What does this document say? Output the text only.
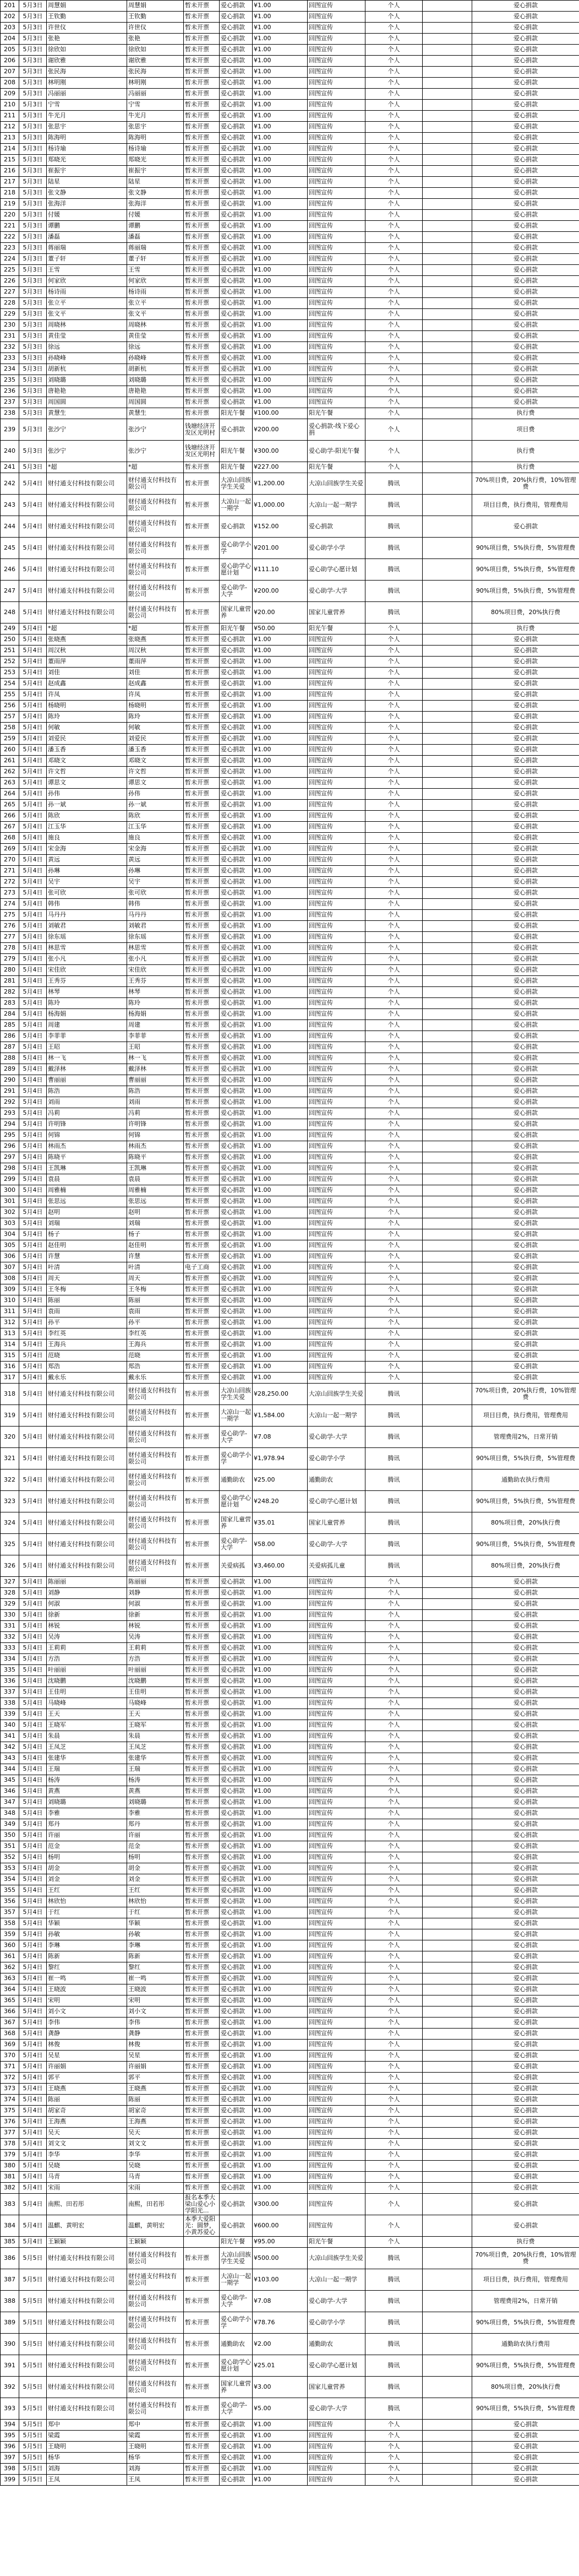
201	5月3日	周慧娟	周慧娟	暂未开票	爱心捐款	¥1.00	回图宣传	个人		爱心捐款
202	5月3日	王钦勤	王钦勤	暂未开票	爱心捐款	¥1.00	回图宣传	个人		爱心捐款
203	5月3日	许世仪	许世仪	暂未开票	爱心捐款	¥1.00	回图宣传	个人		爱心捐款
204	5月3日	张艳	张艳	暂未开票	爱心捐款	¥1.00	回图宣传	个人		爱心捐款
205	5月3日	徐欣如	徐欣如	暂未开票	爱心捐款	¥1.00	回图宣传	个人		爱心捐款
206	5月3日	谢欣雅	谢欣雅	暂未开票	爱心捐款	¥1.00	回图宣传	个人		爱心捐款
207	5月3日	张民海	张民海	暂未开票	爱心捐款	¥1.00	回图宣传	个人		爱心捐款
208	5月3日	林明刚	林明刚	暂未开票	爱心捐款	¥1.00	回图宣传	个人		爱心捐款
209	5月3日	冯丽丽	冯丽丽	暂未开票	爱心捐款	¥1.00	回图宣传	个人		爱心捐款
210	5月3日	宁雪	宁雪	暂未开票	爱心捐款	¥1.00	回图宣传	个人		爱心捐款
211	5月3日	牛光月	牛光月	暂未开票	爱心捐款	¥1.00	回图宣传	个人		爱心捐款
212	5月3日	张思宇	张思宇	暂未开票	爱心捐款	¥1.00	回图宣传	个人		爱心捐款
213	5月3日	陈海明	陈海明	暂未开票	爱心捐款	¥1.00	回图宣传	个人		爱心捐款
214	5月3日	杨诗瑜	杨诗瑜	暂未开票	爱心捐款	¥1.00	回图宣传	个人		爱心捐款
215	5月3日	郑晓光	郑晓光	暂未开票	爱心捐款	¥1.00	回图宣传	个人		爱心捐款
216	5月3日	崔振宇	崔振宇	暂未开票	爱心捐款	¥1.00	回图宣传	个人		爱心捐款
217	5月3日	陆星	陆星	暂未开票	爱心捐款	¥1.00	回图宣传	个人		爱心捐款
218	5月3日	张文静	张文静	暂未开票	爱心捐款	¥1.00	回图宣传	个人		爱心捐款
219	5月3日	张海洋	张海洋	暂未开票	爱心捐款	¥1.00	回图宣传	个人		爱心捐款
220	5月3日	付媛	付媛	暂未开票	爱心捐款	¥1.00	回图宣传	个人		爱心捐款
221	5月3日	谭鹏	谭鹏	暂未开票	爱心捐款	¥1.00	回图宣传	个人		爱心捐款
222	5月3日	潘磊	潘磊	暂未开票	爱心捐款	¥1.00	回图宣传	个人		爱心捐款
223	5月3日	蒋丽瑞	蒋丽瑞	暂未开票	爱心捐款	¥1.00	回图宣传	个人		爱心捐款
224	5月3日	董子轩	董子轩	暂未开票	爱心捐款	¥1.00	回图宣传	个人		爱心捐款
225	5月3日	王雪	王雪	暂未开票	爱心捐款	¥1.00	回图宣传	个人		爱心捐款
226	5月3日	何家欣	何家欣	暂未开票	爱心捐款	¥1.00	回图宣传	个人		爱心捐款
227	5月3日	杨诗雨	杨诗雨	暂未开票	爱心捐款	¥1.00	回图宣传	个人		爱心捐款
228	5月3日	张立平	张立平	暂未开票	爱心捐款	¥1.00	回图宣传	个人		爱心捐款
229	5月3日	张文平	张文平	暂未开票	爱心捐款	¥1.00	回图宣传	个人		爱心捐款
230	5月3日	周晓林	周晓林	暂未开票	爱心捐款	¥1.00	回图宣传	个人		爱心捐款
231	5月3日	黄佳莹	黄佳莹	暂未开票	爱心捐款	¥1.00	回图宣传	个人		爱心捐款
232	5月3日	徐远	徐远	暂未开票	爱心捐款	¥1.00	回图宣传	个人		爱心捐款
233	5月3日	孙晓峰	孙晓峰	暂未开票	爱心捐款	¥1.00	回图宣传	个人		爱心捐款
234	5月3日	胡新杭	胡新杭	暂未开票	爱心捐款	¥1.00	回图宣传	个人		爱心捐款
235	5月3日	刘晓璐	刘晓璐	暂未开票	爱心捐款	¥1.00	回图宣传	个人		爱心捐款
236	5月3日	唐艳艳	唐艳艳	暂未开票	爱心捐款	¥1.00	回图宣传	个人		爱心捐款
237	5月3日	周国圆	周国圆	暂未开票	爱心捐款	¥1.00	回图宣传	个人		爱心捐款
238	5月3日	黄慧生	黄慧生	暂未开票	阳光午餐	¥100.00	阳光午餐	个人		执行费
239	5月3日	张沙宁	张沙宁	钱塘经济开发区光明村	爱心捐款	¥200.00	爱心捐款-线下爱心捐	个人		项目费
240	5月3日	张沙宁	张沙宁	钱塘经济开发区光明村	阳光午餐	¥300.00	爱心助学-阳光午餐	个人		执行费
241	5月3日	*超	*超	暂未开票	阳光午餐	¥227.00	阳光午餐	个人		执行费
242	5月4日	财付通支付科技有限公司	财付通支付科技有限公司	暂未开票	大凉山回族学生关爱	¥1,200.00	大凉山回族学生关爱	腾讯		70%项目费，20%执行费，10%管理费
243	5月4日	财付通支付科技有限公司	财付通支付科技有限公司	暂未开票	大凉山一起一期学	¥1,000.00	大凉山一起一期学	腾讯		项目目费，执行费用，管理费用
244	5月4日	财付通支付科技有限公司	财付通支付科技有限公司	暂未开票	爱心捐款	¥152.00	爱心捐款	腾讯		爱心捐款
245	5月4日	财付通支付科技有限公司	财付通支付科技有限公司	暂未开票	爱心助学小学	¥201.00	爱心助学小学	腾讯		90%项目费，5%执行费，5%管理费
246	5月4日	财付通支付科技有限公司	财付通支付科技有限公司	暂未开票	爱心助学心愿计划	¥111.10	爱心助学心愿计划	腾讯		90%项目费，5%执行费，5%管理费
247	5月4日	财付通支付科技有限公司	财付通支付科技有限公司	暂未开票	爱心助学-大学	¥200.00	爱心助学-大学	腾讯		90%项目费，5%执行费，5%管理费
248	5月4日	财付通支付科技有限公司	财付通支付科技有限公司	暂未开票	国家儿童营养	¥20.00	国家儿童营养	腾讯		80%项目费，20%执行费
249	5月4日	*超	*超	暂未开票	阳光午餐	¥50.00	阳光午餐	个人		执行费
250	5月4日	张晓燕	张晓燕	暂未开票	爱心捐款	¥1.00	回图宣传	个人		爱心捐款
251	5月4日	周汉秋	周汉秋	暂未开票	爱心捐款	¥1.00	回图宣传	个人		爱心捐款
252	5月4日	董雨萍	董雨萍	暂未开票	爱心捐款	¥1.00	回图宣传	个人		爱心捐款
253	5月4日	刘佳	刘佳	暂未开票	爱心捐款	¥1.00	回图宣传	个人		爱心捐款
254	5月4日	赵成鑫	赵成鑫	暂未开票	爱心捐款	¥1.00	回图宣传	个人		爱心捐款
255	5月4日	许凤	许凤	暂未开票	爱心捐款	¥1.00	回图宣传	个人		爱心捐款
256	5月4日	杨晓明	杨晓明	暂未开票	爱心捐款	¥1.00	回图宣传	个人		爱心捐款
257	5月4日	陈玲	陈玲	暂未开票	爱心捐款	¥1.00	回图宣传	个人		爱心捐款
258	5月4日	何敏	何敏	暂未开票	爱心捐款	¥1.00	回图宣传	个人		爱心捐款
259	5月4日	刘爱民	刘爱民	暂未开票	爱心捐款	¥1.00	回图宣传	个人		爱心捐款
260	5月4日	潘玉香	潘玉香	暂未开票	爱心捐款	¥1.00	回图宣传	个人		爱心捐款
261	5月4日	邓晓文	邓晓文	暂未开票	爱心捐款	¥1.00	回图宣传	个人		爱心捐款
262	5月4日	许文哲	许文哲	暂未开票	爱心捐款	¥1.00	回图宣传	个人		爱心捐款
263	5月4日	谭思文	谭思文	暂未开票	爱心捐款	¥1.00	回图宣传	个人		爱心捐款
264	5月4日	孙伟	孙伟	暂未开票	爱心捐款	¥1.00	回图宣传	个人		爱心捐款
265	5月4日	孙一斌	孙一斌	暂未开票	爱心捐款	¥1.00	回图宣传	个人		爱心捐款
266	5月4日	陈欣	陈欣	暂未开票	爱心捐款	¥1.00	回图宣传	个人		爱心捐款
267	5月4日	江玉华	江玉华	暂未开票	爱心捐款	¥1.00	回图宣传	个人		爱心捐款
268	5月4日	施良	施良	暂未开票	爱心捐款	¥1.00	回图宣传	个人		爱心捐款
269	5月4日	宋金海	宋金海	暂未开票	爱心捐款	¥1.00	回图宣传	个人		爱心捐款
270	5月4日	黄远	黄远	暂未开票	爱心捐款	¥1.00	回图宣传	个人		爱心捐款
271	5月4日	孙琳	孙琳	暂未开票	爱心捐款	¥1.00	回图宣传	个人		爱心捐款
272	5月4日	吴宇	吴宇	暂未开票	爱心捐款	¥1.00	回图宣传	个人		爱心捐款
273	5月4日	张可欣	张可欣	暂未开票	爱心捐款	¥1.00	回图宣传	个人		爱心捐款
274	5月4日	韩伟	韩伟	暂未开票	爱心捐款	¥1.00	回图宣传	个人		爱心捐款
275	5月4日	马丹丹	马丹丹	暂未开票	爱心捐款	¥1.00	回图宣传	个人		爱心捐款
276	5月4日	刘敏君	刘敏君	暂未开票	爱心捐款	¥1.00	回图宣传	个人		爱心捐款
277	5月4日	徐东瑶	徐东瑶	暂未开票	爱心捐款	¥1.00	回图宣传	个人		爱心捐款
278	5月4日	林思雪	林思雪	暂未开票	爱心捐款	¥1.00	回图宣传	个人		爱心捐款
279	5月4日	张小凡	张小凡	暂未开票	爱心捐款	¥1.00	回图宣传	个人		爱心捐款
280	5月4日	宋佳欣	宋佳欣	暂未开票	爱心捐款	¥1.00	回图宣传	个人		爱心捐款
281	5月4日	王秀芬	王秀芬	暂未开票	爱心捐款	¥1.00	回图宣传	个人		爱心捐款
282	5月4日	林琴	林琴	暂未开票	爱心捐款	¥1.00	回图宣传	个人		爱心捐款
283	5月4日	陈玲	陈玲	暂未开票	爱心捐款	¥1.00	回图宣传	个人		爱心捐款
284	5月4日	杨海娟	杨海娟	暂未开票	爱心捐款	¥1.00	回图宣传	个人		爱心捐款
285	5月4日	周建	周建	暂未开票	爱心捐款	¥1.00	回图宣传	个人		爱心捐款
286	5月4日	李菲菲	李菲菲	暂未开票	爱心捐款	¥1.00	回图宣传	个人		爱心捐款
287	5月4日	王昭	王昭	暂未开票	爱心捐款	¥1.00	回图宣传	个人		爱心捐款
288	5月4日	林一飞	林一飞	暂未开票	爱心捐款	¥1.00	回图宣传	个人		爱心捐款
289	5月4日	戴泽林	戴泽林	暂未开票	爱心捐款	¥1.00	回图宣传	个人		爱心捐款
290	5月4日	曹丽丽	曹丽丽	暂未开票	爱心捐款	¥1.00	回图宣传	个人		爱心捐款
291	5月4日	陈浩	陈浩	暂未开票	爱心捐款	¥1.00	回图宣传	个人		爱心捐款
292	5月4日	刘雨	刘雨	暂未开票	爱心捐款	¥1.00	回图宣传	个人		爱心捐款
293	5月4日	冯莉	冯莉	暂未开票	爱心捐款	¥1.00	回图宣传	个人		爱心捐款
294	5月4日	许明锋	许明锋	暂未开票	爱心捐款	¥1.00	回图宣传	个人		爱心捐款
295	5月4日	何锦	何锦	暂未开票	爱心捐款	¥1.00	回图宣传	个人		爱心捐款
296	5月4日	林雨杰	林雨杰	暂未开票	爱心捐款	¥1.00	回图宣传	个人		爱心捐款
297	5月4日	陈晓平	陈晓平	暂未开票	爱心捐款	¥1.00	回图宣传	个人		爱心捐款
298	5月4日	王凯琳	王凯琳	暂未开票	爱心捐款	¥1.00	回图宣传	个人		爱心捐款
299	5月4日	袁晨	袁晨	暂未开票	爱心捐款	¥1.00	回图宣传	个人		爱心捐款
300	5月4日	周雅楠	周雅楠	暂未开票	爱心捐款	¥1.00	回图宣传	个人		爱心捐款
301	5月4日	张思远	张思远	暂未开票	爱心捐款	¥1.00	回图宣传	个人		爱心捐款
302	5月4日	赵明	赵明	暂未开票	爱心捐款	¥1.00	回图宣传	个人		爱心捐款
303	5月4日	刘瑞	刘瑞	暂未开票	爱心捐款	¥1.00	回图宣传	个人		爱心捐款
304	5月4日	杨子	杨子	暂未开票	爱心捐款	¥1.00	回图宣传	个人		爱心捐款
305	5月4日	赵佳明	赵佳明	暂未开票	爱心捐款	¥1.00	回图宣传	个人		爱心捐款
306	5月4日	许慧	许慧	暂未开票	爱心捐款	¥1.00	回图宣传	个人		爱心捐款
307	5月4日	叶清	叶清	电子工商	爱心捐款	¥1.00	回图宣传	个人		爱心捐款
308	5月4日	周天	周天	暂未开票	爱心捐款	¥1.00	回图宣传	个人		爱心捐款
309	5月4日	王冬梅	王冬梅	暂未开票	爱心捐款	¥1.00	回图宣传	个人		爱心捐款
310	5月4日	陈丽	陈丽	暂未开票	爱心捐款	¥1.00	回图宣传	个人		爱心捐款
311	5月4日	袁雨	袁雨	暂未开票	爱心捐款	¥1.00	回图宣传	个人		爱心捐款
312	5月4日	孙平	孙平	暂未开票	爱心捐款	¥1.00	回图宣传	个人		爱心捐款
313	5月4日	李红英	李红英	暂未开票	爱心捐款	¥1.00	回图宣传	个人		爱心捐款
314	5月4日	王海兵	王海兵	暂未开票	爱心捐款	¥1.00	回图宣传	个人		爱心捐款
315	5月4日	范晓	范晓	暂未开票	爱心捐款	¥1.00	回图宣传	个人		爱心捐款
316	5月4日	郑浩	郑浩	暂未开票	爱心捐款	¥1.00	回图宣传	个人		爱心捐款
317	5月4日	戴永乐	戴永乐	暂未开票	爱心捐款	¥1.00	回图宣传	个人		爱心捐款
318	5月4日	财付通支付科技有限公司	财付通支付科技有限公司	暂未开票	大凉山回族学生关爱	¥28,250.00	大凉山回族学生关爱	腾讯		70%项目费，20%执行费，10%管理费
319	5月4日	财付通支付科技有限公司	财付通支付科技有限公司	暂未开票	大凉山一起一期学	¥1,584.00	大凉山一起一期学	腾讯		项目目费，执行费用，管理费用
320	5月4日	财付通支付科技有限公司	财付通支付科技有限公司	暂未开票	爱心助学-大学	¥7.08	爱心助学-大学	腾讯		管理费用2%，日常开销
321	5月4日	财付通支付科技有限公司	财付通支付科技有限公司	暂未开票	爱心助学小学	¥1,978.94	爱心助学小学	腾讯		90%项目费，5%执行费，5%管理费
322	5月4日	财付通支付科技有限公司	财付通支付科技有限公司	暂未开票	通勤助农	¥25.00	通勤助农	腾讯		通勤助农执行费用
323	5月4日	财付通支付科技有限公司	财付通支付科技有限公司	暂未开票	爱心助学心愿计划	¥248.20	爱心助学心愿计划	腾讯		90%项目费，5%执行费，5%管理费
324	5月4日	财付通支付科技有限公司	财付通支付科技有限公司	暂未开票	国家儿童营养	¥35.01	国家儿童营养	腾讯		80%项目费，20%执行费
325	5月4日	财付通支付科技有限公司	财付通支付科技有限公司	暂未开票	爱心助学-大学	¥58.00	爱心助学-大学	腾讯		90%项目费，5%执行费，5%管理费
326	5月4日	财付通支付科技有限公司	财付通支付科技有限公司	暂未开票	关爱病孤	¥3,460.00	关爱病孤儿童	腾讯		80%项目费，20%执行费
327	5月4日	陈丽丽	陈丽丽	暂未开票	爱心捐款	¥1.00	回图宣传	个人		爱心捐款
328	5月4日	刘静	刘静	暂未开票	爱心捐款	¥1.00	回图宣传	个人		爱心捐款
329	5月4日	何淑	何淑	暂未开票	爱心捐款	¥1.00	回图宣传	个人		爱心捐款
330	5月4日	徐新	徐新	暂未开票	爱心捐款	¥1.00	回图宣传	个人		爱心捐款
331	5月4日	林锐	林锐	暂未开票	爱心捐款	¥1.00	回图宣传	个人		爱心捐款
332	5月4日	吴涛	吴涛	暂未开票	爱心捐款	¥1.00	回图宣传	个人		爱心捐款
333	5月4日	王莉莉	王莉莉	暂未开票	爱心捐款	¥1.00	回图宣传	个人		爱心捐款
334	5月4日	方浩	方浩	暂未开票	爱心捐款	¥1.00	回图宣传	个人		爱心捐款
335	5月4日	叶丽丽	叶丽丽	暂未开票	爱心捐款	¥1.00	回图宣传	个人		爱心捐款
336	5月4日	沈晓鹏	沈晓鹏	暂未开票	爱心捐款	¥1.00	回图宣传	个人		爱心捐款
337	5月4日	王佳明	王佳明	暂未开票	爱心捐款	¥1.00	回图宣传	个人		爱心捐款
338	5月4日	马晓峰	马晓峰	暂未开票	爱心捐款	¥1.00	回图宣传	个人		爱心捐款
339	5月4日	王天	王天	暂未开票	爱心捐款	¥1.00	回图宣传	个人		爱心捐款
340	5月4日	王晓军	王晓军	暂未开票	爱心捐款	¥1.00	回图宣传	个人		爱心捐款
341	5月4日	朱晨	朱晨	暂未开票	爱心捐款	¥1.00	回图宣传	个人		爱心捐款
342	5月4日	王凤芝	王凤芝	暂未开票	爱心捐款	¥1.00	回图宣传	个人		爱心捐款
343	5月4日	张建华	张建华	暂未开票	爱心捐款	¥1.00	回图宣传	个人		爱心捐款
344	5月4日	王瑞	王瑞	暂未开票	爱心捐款	¥1.00	回图宣传	个人		爱心捐款
345	5月4日	杨涛	杨涛	暂未开票	爱心捐款	¥1.00	回图宣传	个人		爱心捐款
346	5月4日	黄燕	黄燕	暂未开票	爱心捐款	¥1.00	回图宣传	个人		爱心捐款
347	5月4日	刘晓璐	刘晓璐	暂未开票	爱心捐款	¥1.00	回图宣传	个人		爱心捐款
348	5月4日	李雅	李雅	暂未开票	爱心捐款	¥1.00	回图宣传	个人		爱心捐款
349	5月4日	郑丹	郑丹	暂未开票	爱心捐款	¥1.00	回图宣传	个人		爱心捐款
350	5月4日	许丽	许丽	暂未开票	爱心捐款	¥1.00	回图宣传	个人		爱心捐款
351	5月4日	范金	范金	暂未开票	爱心捐款	¥1.00	回图宣传	个人		爱心捐款
352	5月4日	杨明	杨明	暂未开票	爱心捐款	¥1.00	回图宣传	个人		爱心捐款
353	5月4日	胡金	胡金	暂未开票	爱心捐款	¥1.00	回图宣传	个人		爱心捐款
354	5月4日	刘金	刘金	暂未开票	爱心捐款	¥1.00	回图宣传	个人		爱心捐款
355	5月4日	王红	王红	暂未开票	爱心捐款	¥1.00	回图宣传	个人		爱心捐款
356	5月4日	林欣怡	林欣怡	暂未开票	爱心捐款	¥1.00	回图宣传	个人		爱心捐款
357	5月4日	于红	于红	暂未开票	爱心捐款	¥1.00	回图宣传	个人		爱心捐款
358	5月4日	华颖	华颖	暂未开票	爱心捐款	¥1.00	回图宣传	个人		爱心捐款
359	5月4日	孙敏	孙敏	暂未开票	爱心捐款	¥1.00	回图宣传	个人		爱心捐款
360	5月4日	李琳	李琳	暂未开票	爱心捐款	¥1.00	回图宣传	个人		爱心捐款
361	5月4日	陈新	陈新	暂未开票	爱心捐款	¥1.00	回图宣传	个人		爱心捐款
362	5月4日	黎红	黎红	暂未开票	爱心捐款	¥1.00	回图宣传	个人		爱心捐款
363	5月4日	崔一鸣	崔一鸣	暂未开票	爱心捐款	¥1.00	回图宣传	个人		爱心捐款
364	5月4日	王晓波	王晓波	暂未开票	爱心捐款	¥1.00	回图宣传	个人		爱心捐款
365	5月4日	宋明	宋明	暂未开票	爱心捐款	¥1.00	回图宣传	个人		爱心捐款
366	5月4日	刘小文	刘小文	暂未开票	爱心捐款	¥1.00	回图宣传	个人		爱心捐款
367	5月4日	李伟	李伟	暂未开票	爱心捐款	¥1.00	回图宣传	个人		爱心捐款
368	5月4日	龚静	龚静	暂未开票	爱心捐款	¥1.00	回图宣传	个人		爱心捐款
369	5月4日	林俊	林俊	暂未开票	爱心捐款	¥1.00	回图宣传	个人		爱心捐款
370	5月4日	吴星	吴星	暂未开票	爱心捐款	¥1.00	回图宣传	个人		爱心捐款
371	5月4日	许丽娟	许丽娟	暂未开票	爱心捐款	¥1.00	回图宣传	个人		爱心捐款
372	5月4日	郭平	郭平	暂未开票	爱心捐款	¥1.00	回图宣传	个人		爱心捐款
373	5月4日	王晓燕	王晓燕	暂未开票	爱心捐款	¥1.00	回图宣传	个人		爱心捐款
374	5月4日	陈丽	陈丽	暂未开票	爱心捐款	¥1.00	回图宣传	个人		爱心捐款
375	5月4日	胡家奇	胡家奇	暂未开票	爱心捐款	¥1.00	回图宣传	个人		爱心捐款
376	5月4日	王海燕	王海燕	暂未开票	爱心捐款	¥1.00	回图宣传	个人		爱心捐款
377	5月4日	吴天	吴天	暂未开票	爱心捐款	¥1.00	回图宣传	个人		爱心捐款
378	5月4日	刘文文	刘文文	暂未开票	爱心捐款	¥1.00	回图宣传	个人		爱心捐款
379	5月4日	李华	李华	暂未开票	爱心捐款	¥1.00	回图宣传	个人		爱心捐款
380	5月4日	吴晓	吴晓	暂未开票	爱心捐款	¥1.00	回图宣传	个人		爱心捐款
381	5月4日	马青	马青	暂未开票	爱心捐款	¥1.00	回图宣传	个人		爱心捐款
382	5月4日	宋雨	宋雨	暂未开票	爱心捐款	¥1.00	回图宣传	个人		爱心捐款
383	5月4日	南熙、田若彤	南熙，田若彤	报名本季大梁山爱心小学阳光...	爱心捐款	¥300.00	回图宣传	个人		爱心捐款
384	5月4日	温麒、黄明宏	温麒，黄明宏	本季大爱阳光：圆梦，小黄苏爱心	爱心捐款	¥600.00	回图宣传	个人		爱心捐款
385	5月4日	王颖颖	王颖颖		阳光午餐	¥95.00	阳光午餐	个人		执行费
386	5月5日	财付通支付科技有限公司	财付通支付科技有限公司	暂未开票	大凉山回族学生关爱	¥500.00	大凉山回族学生关爱	腾讯		70%项目费，20%执行费，10%管理费
387	5月5日	财付通支付科技有限公司	财付通支付科技有限公司	暂未开票	大凉山一起一期学	¥103.00	大凉山一起一期学	腾讯		项目目费，执行费用，管理费用
388	5月5日	财付通支付科技有限公司	财付通支付科技有限公司	暂未开票	爱心助学-大学	¥7.08	爱心助学-大学	腾讯		管理费用2%，日常开销
389	5月5日	财付通支付科技有限公司	财付通支付科技有限公司	暂未开票	爱心助学小学	¥78.76	爱心助学小学	腾讯		90%项目费，5%执行费，5%管理费
390	5月5日	财付通支付科技有限公司	财付通支付科技有限公司	暂未开票	通勤助农	¥2.00	通勤助农	腾讯		通勤助农执行费用
391	5月5日	财付通支付科技有限公司	财付通支付科技有限公司	暂未开票	爱心助学心愿计划	¥25.01	爱心助学心愿计划	腾讯		90%项目费，5%执行费，5%管理费
392	5月5日	财付通支付科技有限公司	财付通支付科技有限公司	暂未开票	国家儿童营养	¥3.00	国家儿童营养	腾讯		80%项目费，20%执行费
393	5月5日	财付通支付科技有限公司	财付通支付科技有限公司	暂未开票	爱心助学-大学	¥5.00	爱心助学-大学	腾讯		90%项目费，5%执行费，5%管理费
394	5月5日	郑中	郑中	暂未开票	爱心捐款	¥1.00	回图宣传	个人		爱心捐款
395	5月5日	梁霞	梁霞	暂未开票	爱心捐款	¥1.00	回图宣传	个人		爱心捐款
396	5月5日	王晓明	王晓明	暂未开票	爱心捐款	¥1.00	回图宣传	个人		爱心捐款
397	5月5日	杨华	杨华	暂未开票	爱心捐款	¥1.00	回图宣传	个人		爱心捐款
398	5月5日	刘海	刘海	暂未开票	爱心捐款	¥1.00	回图宣传	个人		爱心捐款
399	5月5日	王凤	王凤	暂未开票	爱心捐款	¥1.00	回图宣传	个人		爱心捐款
